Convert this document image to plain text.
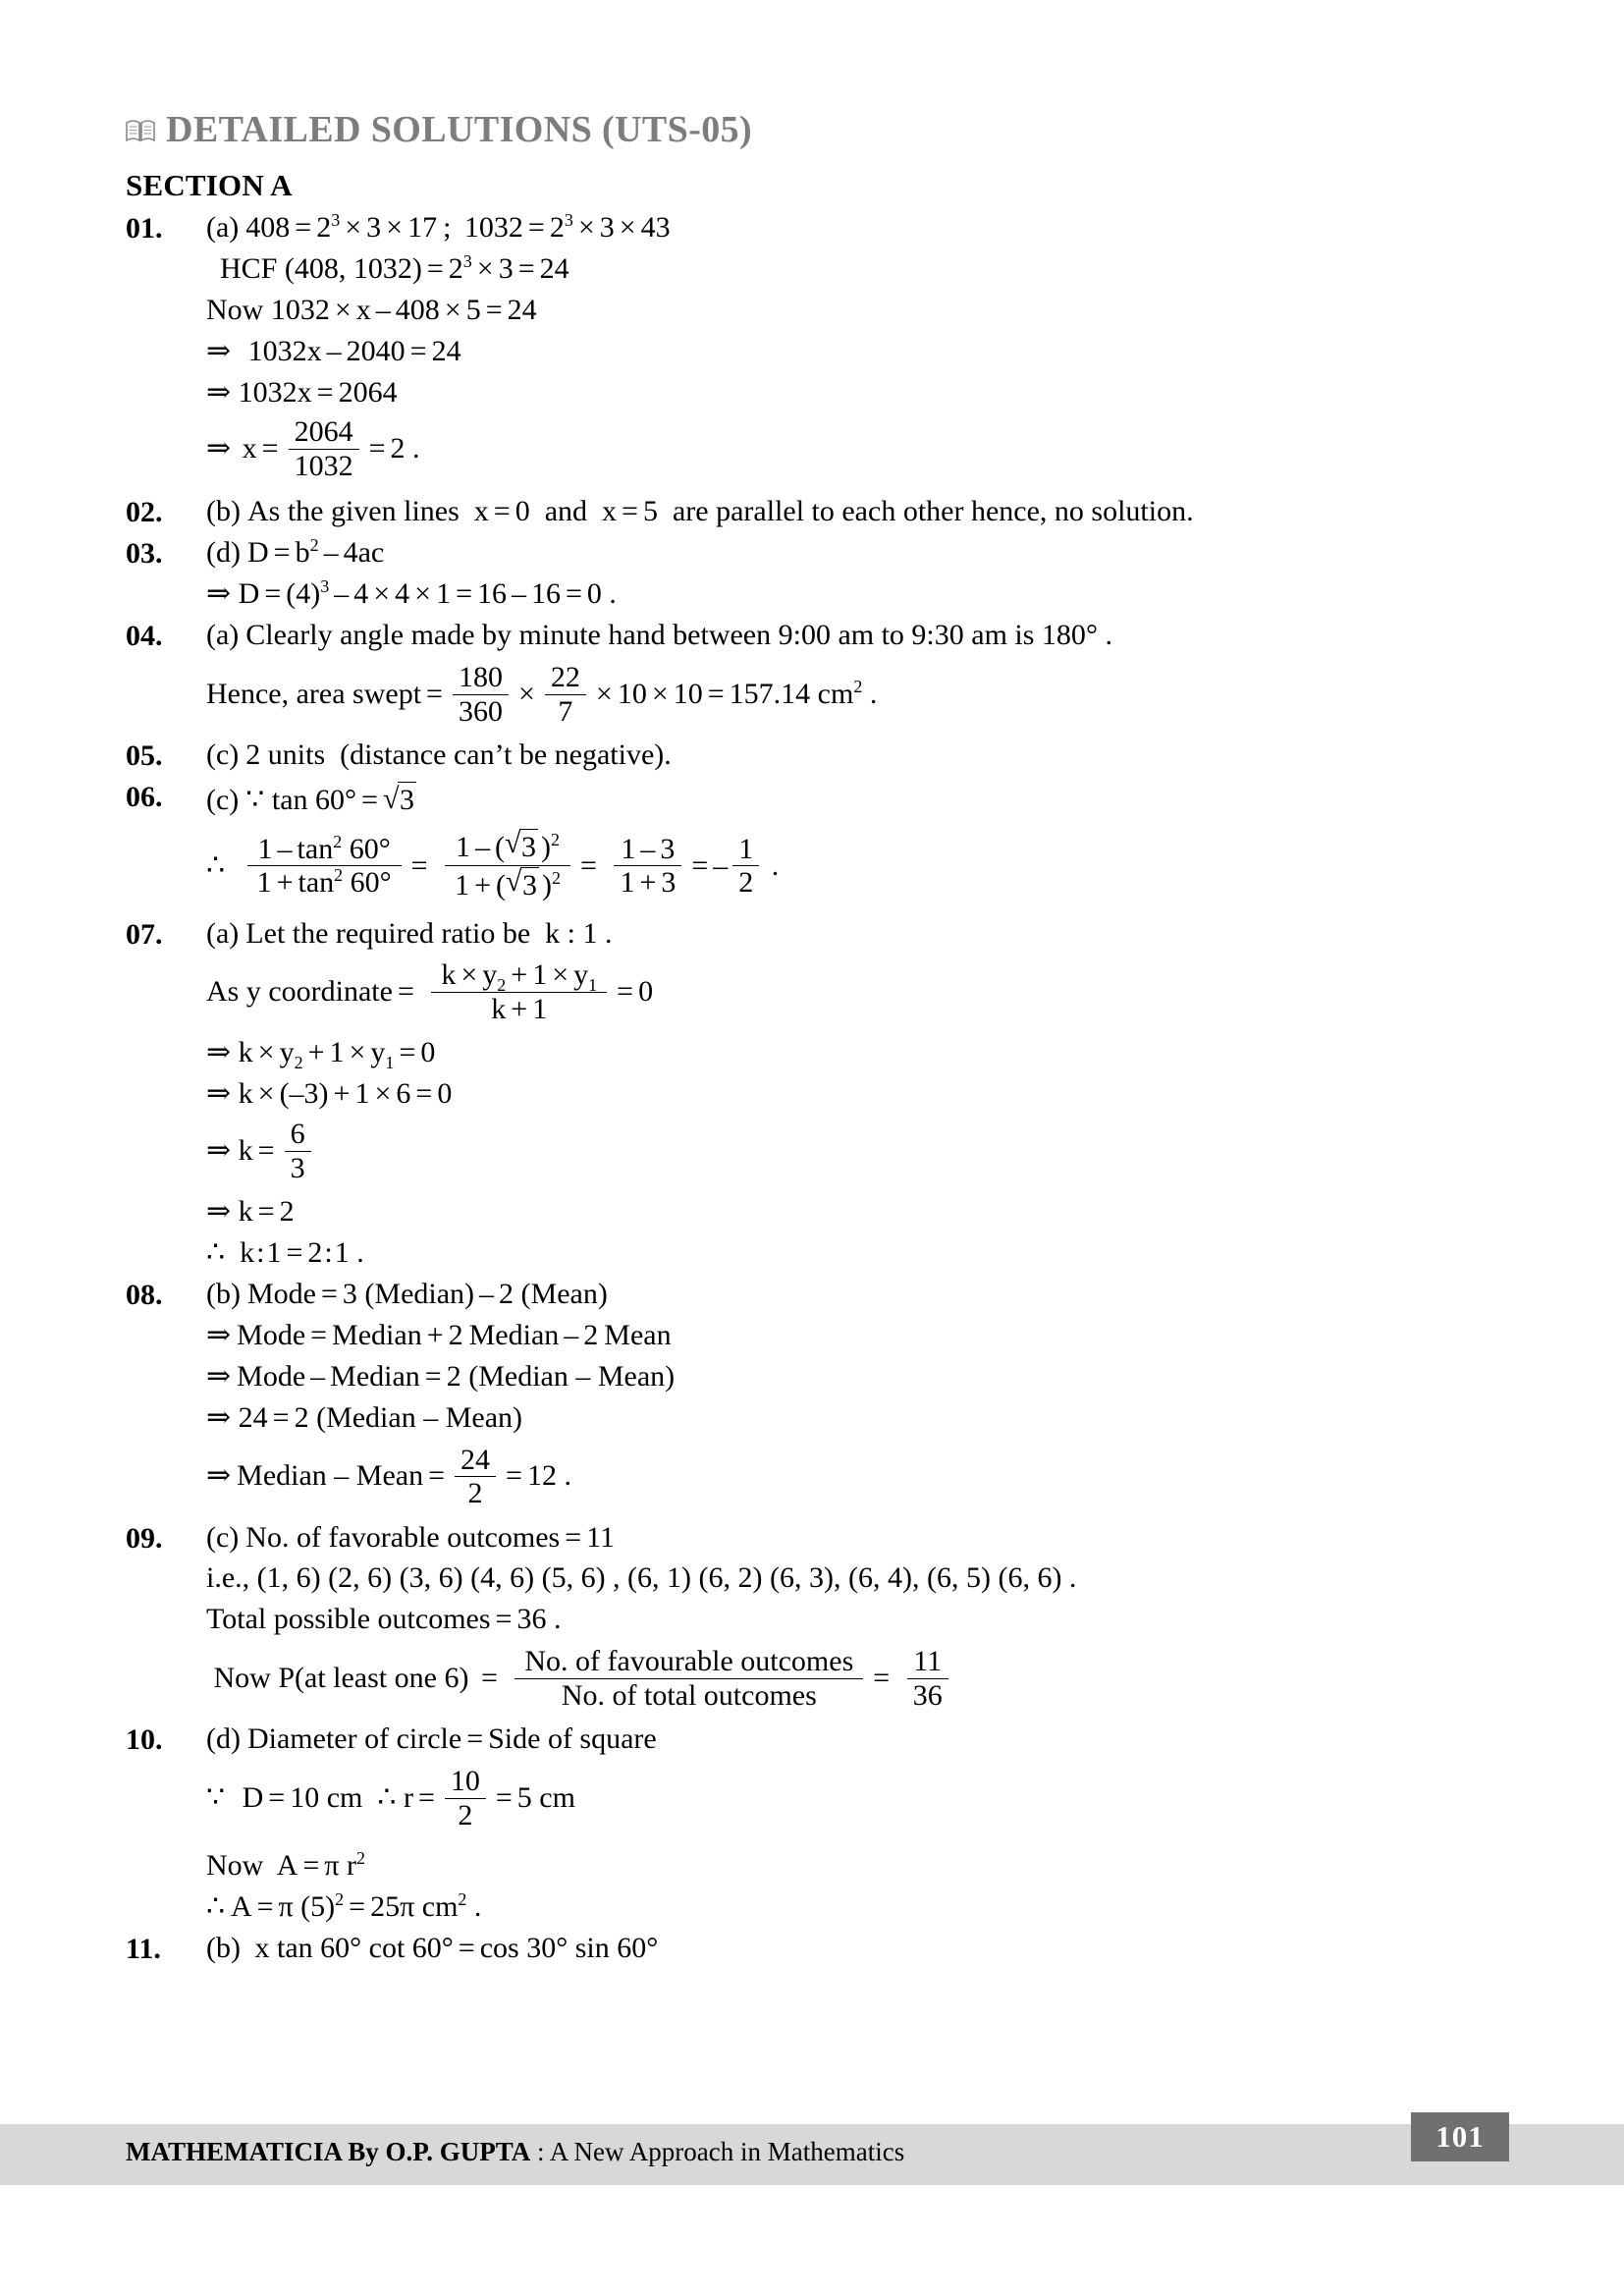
DETAILED SOLUTIONS (UTS-05)
SECTION A
01.	(a) $408 = 2^3 \times 3 \times 17$ ; $1032 = 2^3 \times 3 \times 43$
HCF (408, $1032) = 2^3 \times 3 = 24$
Now 1032 × x – 408 × 5 = 24
⇒ 1032x – 2040 = 24
⇒ 1032x = 2064
⇒ $x = \frac{2064}{1032} = 2$ .
02.	(b) As the given lines  x = 0  and  x = 5  are parallel to each other hence, no solution.
03.	(d) $D = b^2 - 4ac$
⇒ $D = (4)^3 - 4 \times 4 \times 1 = 16 - 16 = 0$ .
04.	(a) Clearly angle made by minute hand between 9:00 am to 9:30 am is 180° .
Hence, area swept = $\frac{180}{360} \times \frac{22}{7} \times 10 \times 10 = 157.14$ $cm^2$ .
05.	(c) 2 units (distance can’t be negative).
06.	(c) ∵ tan 60° = √ 3
∴ $\frac{1 - \tan^2 60^\circ}{1 + \tan^2 60^\circ} = \frac{1 - ( √ 3 )^2}{1 + ( √ 3 )^2} = \frac{1 - 3}{1 + 3}$ = – $\frac{1}{2}$ .
07.	(a) Let the required ratio be k : 1 .
As y coordinate = $\frac{k \times y_2 + 1 \times y_1}{k + 1} = 0$
⇒ $k \times y_2 + 1 \times y_1 = 0$
⇒ k × (–3) + 1 × 6 = 0
⇒ $k = \frac{6}{3}$
⇒ k = 2
∴  k:1 = 2:1 .
08.	(b) Mode = 3 (Median) – 2 (Mean)
⇒ Mode = Median + 2 Median – 2 Mean
⇒ Mode – Median = 2 (Median – Mean)
⇒ 24 = 2 (Median – Mean)
⇒ Median – Mean = $\frac{24}{2} = 12$ .
09.	(c) No. of favorable outcomes = 11
i.e., (1, 6) (2, 6) (3, 6) (4, 6) (5, 6) , (6, 1) (6, 2) (6, 3), (6, 4), (6, 5) (6, 6) .
Total possible outcomes = 36 .
Now P(at least one $6) = \frac{\text{No. of favourable outcomes}}{\text{No. of total outcomes}} = \frac{11}{36}$
10.	(d) Diameter of circle = Side of square
∵ D = 10 cm  ∴ $r = \frac{10}{2} = 5$ cm
Now A = π $r^2$
∴ A = π $(5)^2 = 25\pi$ $cm^2$ .
11.	(b) x tan 60° cot 60° = cos 30° sin 60°
MATHEMATICIA By O.P. GUPTA : A New Approach in Mathematics	101
